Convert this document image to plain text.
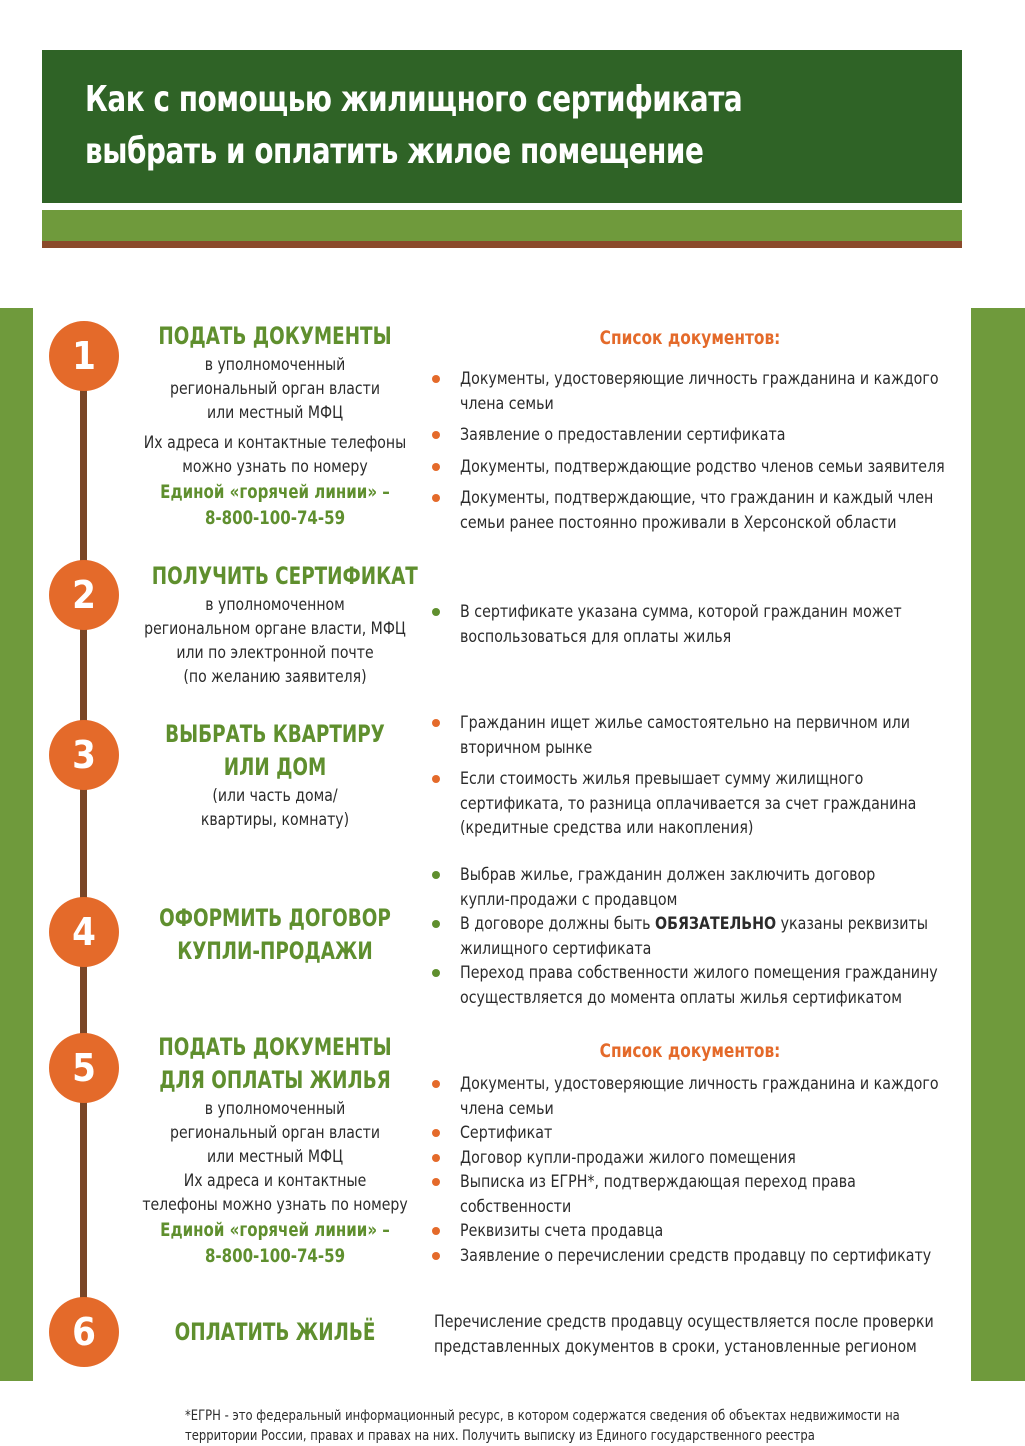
Как с помощью жилищного сертификата
выбрать и оплатить жилое помещение
1
2
3
4
5
6
ПОДАТЬ ДОКУМЕНТЫ
в уполномоченный
региональный орган власти
или местный МФЦ
Их адреса и контактные телефоны
можно узнать по номеру
Единой «горячей линии» –
8-800-100-74-59
Список документов:
Документы, удостоверяющие личность гражданина и каждого
члена семьи
Заявление о предоставлении сертификата
Документы, подтверждающие родство членов семьи заявителя
Документы, подтверждающие, что гражданин и каждый член
семьи ранее постоянно проживали в Херсонской области
ПОЛУЧИТЬ СЕРТИФИКАТ
в уполномоченном
региональном органе власти, МФЦ
или по электронной почте
(по желанию заявителя)
В сертификате указана сумма, которой гражданин может
воспользоваться для оплаты жилья
ВЫБРАТЬ КВАРТИРУ
ИЛИ ДОМ
(или часть дома/
квартиры, комнату)
Гражданин ищет жилье самостоятельно на первичном или
вторичном рынке
Если стоимость жилья превышает сумму жилищного
сертификата, то разница оплачивается за счет гражданина
(кредитные средства или накопления)
ОФОРМИТЬ ДОГОВОР
КУПЛИ-ПРОДАЖИ
Выбрав жилье, гражданин должен заключить договор
купли-продажи с продавцом
В договоре должны быть ОБЯЗАТЕЛЬНО указаны реквизиты
жилищного сертификата
Переход права собственности жилого помещения гражданину
осуществляется до момента оплаты жилья сертификатом
ПОДАТЬ ДОКУМЕНТЫ
ДЛЯ ОПЛАТЫ ЖИЛЬЯ
в уполномоченный
региональный орган власти
или местный МФЦ
Их адреса и контактные
телефоны можно узнать по номеру
Единой «горячей линии» –
8-800-100-74-59
Список документов:
Документы, удостоверяющие личность гражданина и каждого
члена семьи
Сертификат
Договор купли-продажи жилого помещения
Выписка из ЕГРН*, подтверждающая переход права
собственности
Реквизиты счета продавца
Заявление о перечислении средств продавцу по сертификату
ОПЛАТИТЬ ЖИЛЬЁ	Перечисление средств продавцу осуществляется после проверки
представленных документов в сроки, установленные регионом
*ЕГРН - это федеральный информационный ресурс, в котором содержатся сведения об объектах недвижимости на
территории России, правах и правах на них. Получить выписку из Единого государственного реестра
